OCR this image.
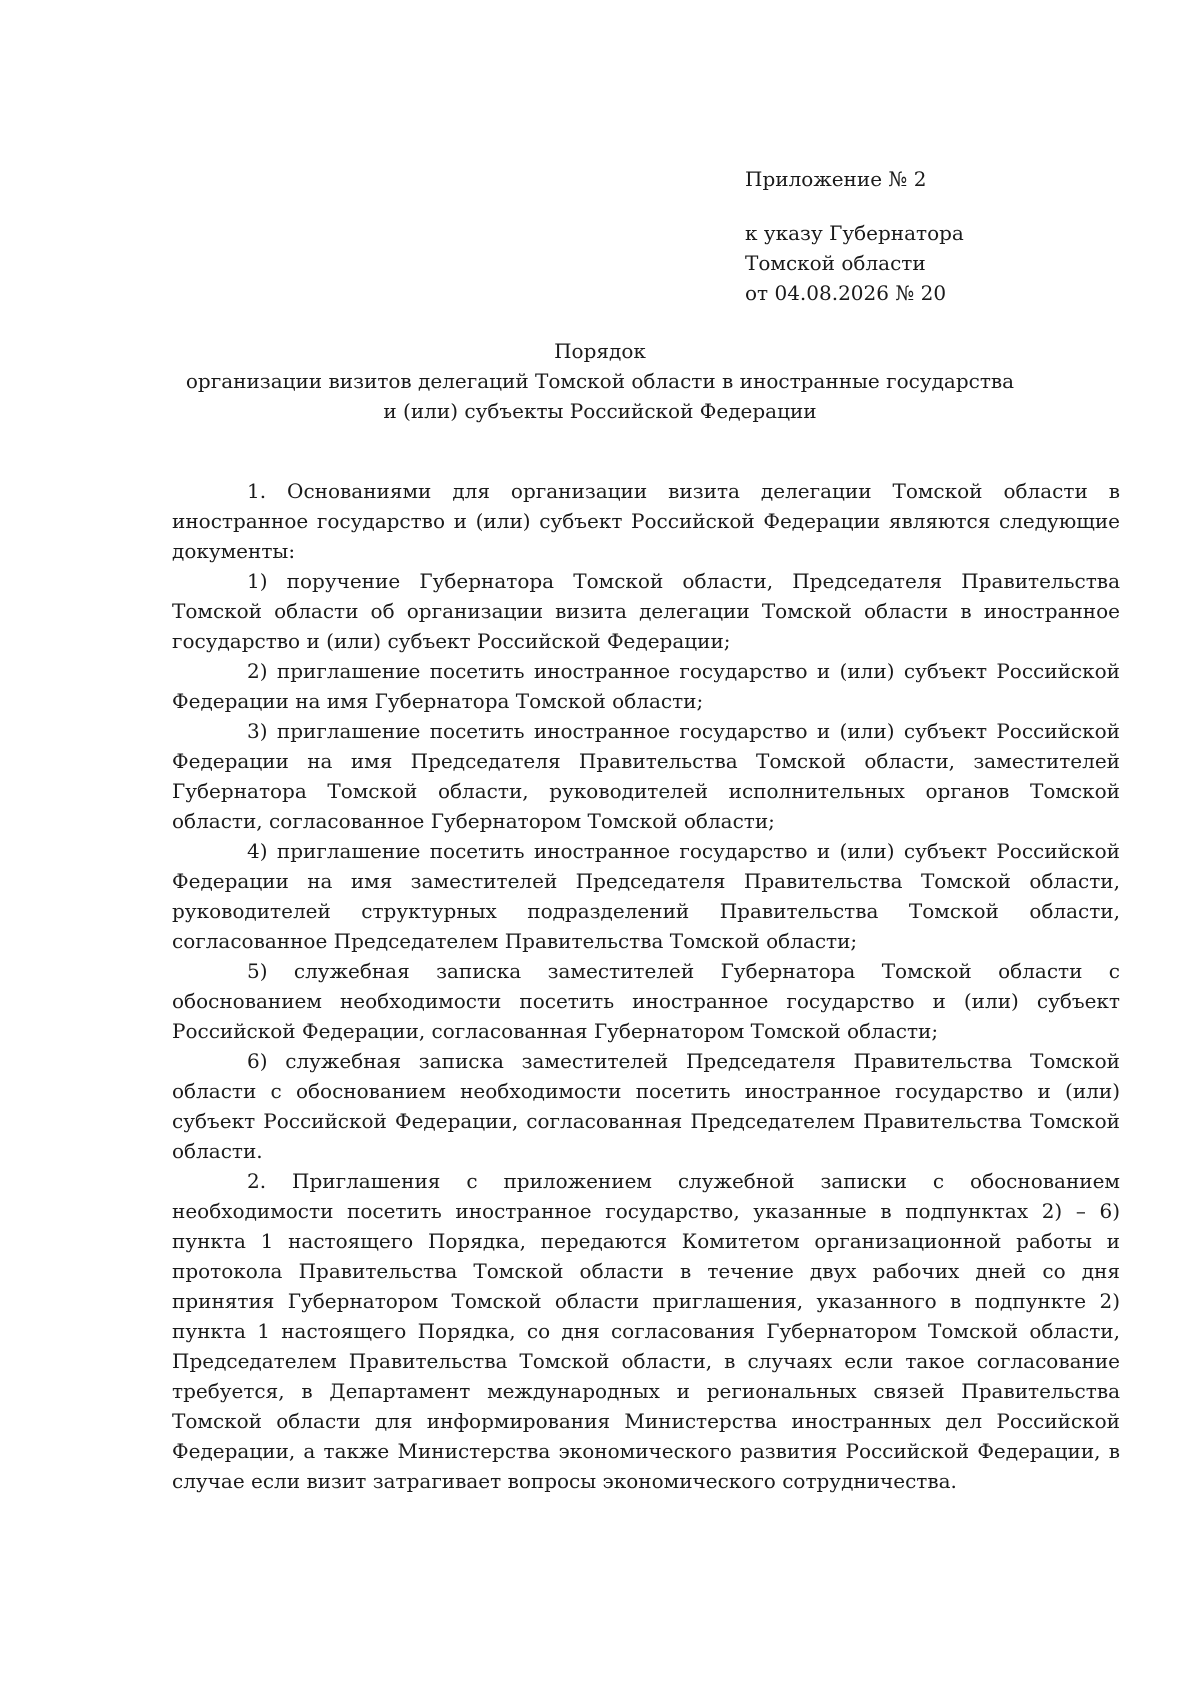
Приложение № 2

к указу Губернатора

Томской области

от 04.08.2026 № 20

Порядок
организации визитов делегаций Томской области в иностранные государства
и (или) субъекты Российской Федерации

1. Основаниями для организации визита делегации Томской области в иностранное государство и (или) субъект Российской Федерации являются следующие документы:

1) поручение Губернатора Томской области, Председателя Правительства Томской области об организации визита делегации Томской области в иностранное государство и (или) субъект Российской Федерации;

2) приглашение посетить иностранное государство и (или) субъект Российской Федерации на имя Губернатора Томской области;

3) приглашение посетить иностранное государство и (или) субъект Российской Федерации на имя Председателя Правительства Томской области, заместителей Губернатора Томской области, руководителей исполнительных органов Томской области, согласованное Губернатором Томской области;

4) приглашение посетить иностранное государство и (или) субъект Российской Федерации на имя заместителей Председателя Правительства Томской области, руководителей структурных подразделений Правительства Томской области, согласованное Председателем Правительства Томской области;

5) служебная записка заместителей Губернатора Томской области с обоснованием необходимости посетить иностранное государство и (или) субъект Российской Федерации, согласованная Губернатором Томской области;

6) служебная записка заместителей Председателя Правительства Томской области с обоснованием необходимости посетить иностранное государство и (или) субъект Российской Федерации, согласованная Председателем Правительства Томской области.

2. Приглашения с приложением служебной записки с обоснованием необходимости посетить иностранное государство, указанные в подпунктах 2) – 6) пункта 1 настоящего Порядка, передаются Комитетом организационной работы и протокола Правительства Томской области в течение двух рабочих дней со дня принятия Губернатором Томской области приглашения, указанного в подпункте 2) пункта 1 настоящего Порядка, со дня согласования Губернатором Томской области, Председателем Правительства Томской области, в случаях если такое согласование требуется, в Департамент международных и региональных связей Правительства Томской области для информирования Министерства иностранных дел Российской Федерации, а также Министерства экономического развития Российской Федерации, в случае если визит затрагивает вопросы экономического сотрудничества.
